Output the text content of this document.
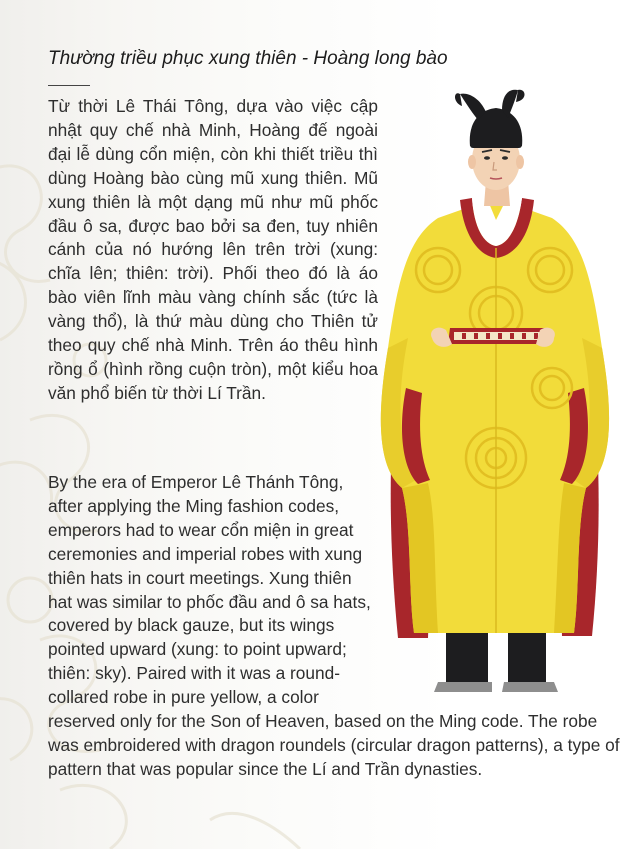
Thường triều phục xung thiên - Hoàng long bào

Từ thời Lê Thái Tông, dựa vào việc cập nhật quy chế nhà Minh, Hoàng đế ngoài đại lễ dùng cổn miện, còn khi thiết triều thì dùng Hoàng bào cùng mũ xung thiên. Mũ xung thiên là một dạng mũ như mũ phốc đầu ô sa, được bao bởi sa đen, tuy nhiên cánh của nó hướng lên trên trời (xung: chĩa lên; thiên: trời). Phối theo đó là áo bào viên lĩnh màu vàng chính sắc (tức là vàng thổ), là thứ màu dùng cho Thiên tử theo quy chế nhà Minh. Trên áo thêu hình rồng ổ (hình rồng cuộn tròn), một kiểu hoa văn phổ biến từ thời Lí Trần.

By the era of Emperor Lê Thánh Tông, after applying the Ming fashion codes, emperors had to wear cổn miện in great ceremonies and imperial robes with xung thiên hats in court meetings. Xung thiên hat was similar to phốc đầu and ô sa hats, covered by black gauze, but its wings pointed upward (xung: to point upward; thiên: sky). Paired with it was a round-collared robe in pure yellow, a color reserved only for the Son of Heaven, based on the Ming code. The robe was embroidered with dragon roundels (circular dragon patterns), a type of pattern that was popular since the Lí and Trần dynasties.
